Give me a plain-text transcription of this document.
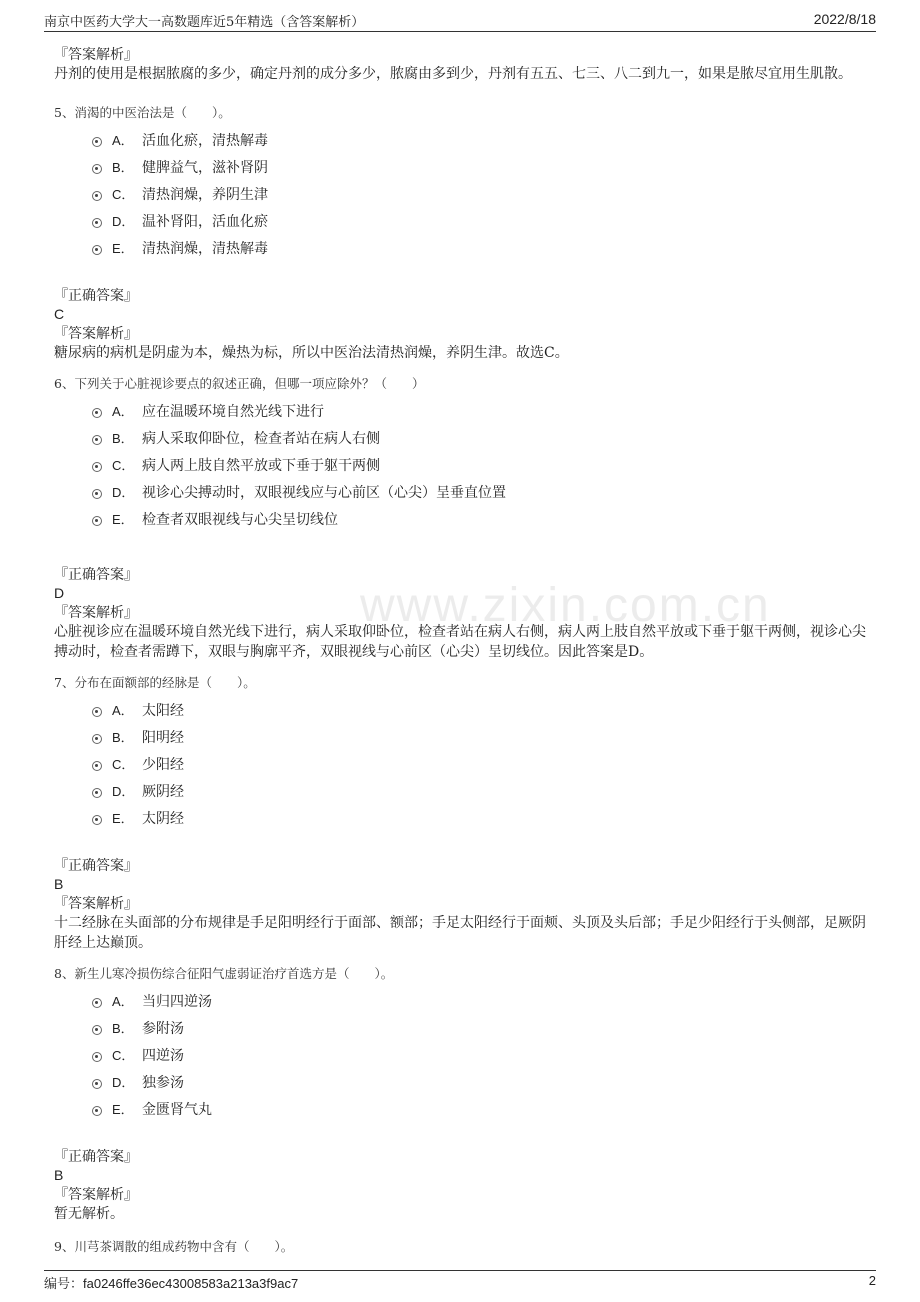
南京中医药大学大一高数题库近5年精选（含答案解析）	2022/8/18
『答案解析』
丹剂的使用是根据脓腐的多少，确定丹剂的成分多少，脓腐由多到少，丹剂有五五、七三、八二到九一，如果是脓尽宜用生肌散。
5、消渴的中医治法是（　　）。
A． 活血化瘀，清热解毒
B． 健脾益气，滋补肾阴
C． 清热润燥，养阴生津
D． 温补肾阳，活血化瘀
E． 清热润燥，清热解毒
『正确答案』
C
『答案解析』
糖尿病的病机是阴虚为本，燥热为标，所以中医治法清热润燥，养阴生津。故选C。
6、下列关于心脏视诊要点的叙述正确，但哪一项应除外？（　　）
A． 应在温暖环境自然光线下进行
B． 病人采取仰卧位，检查者站在病人右侧
C． 病人两上肢自然平放或下垂于躯干两侧
D． 视诊心尖搏动时，双眼视线应与心前区（心尖）呈垂直位置
E． 检查者双眼视线与心尖呈切线位
『正确答案』
D
『答案解析』
心脏视诊应在温暖环境自然光线下进行，病人采取仰卧位，检查者站在病人右侧，病人两上肢自然平放或下垂于躯干两侧，视诊心尖搏动时，检查者需蹲下，双眼与胸廓平齐，双眼视线与心前区（心尖）呈切线位。因此答案是D。
7、分布在面额部的经脉是（　　）。
A． 太阳经
B． 阳明经
C． 少阳经
D． 厥阴经
E． 太阴经
『正确答案』
B
『答案解析』
十二经脉在头面部的分布规律是手足阳明经行于面部、额部；手足太阳经行于面颊、头顶及头后部；手足少阳经行于头侧部，足厥阴肝经上达巅顶。
8、新生儿寒冷损伤综合征阳气虚弱证治疗首选方是（　　）。
A． 当归四逆汤
B． 参附汤
C． 四逆汤
D． 独参汤
E． 金匮肾气丸
『正确答案』
B
『答案解析』
暂无解析。
9、川芎茶调散的组成药物中含有（　　）。
www.zixin.com.cn
编号：fa0246ffe36ec43008583a213a3f9ac7	2
